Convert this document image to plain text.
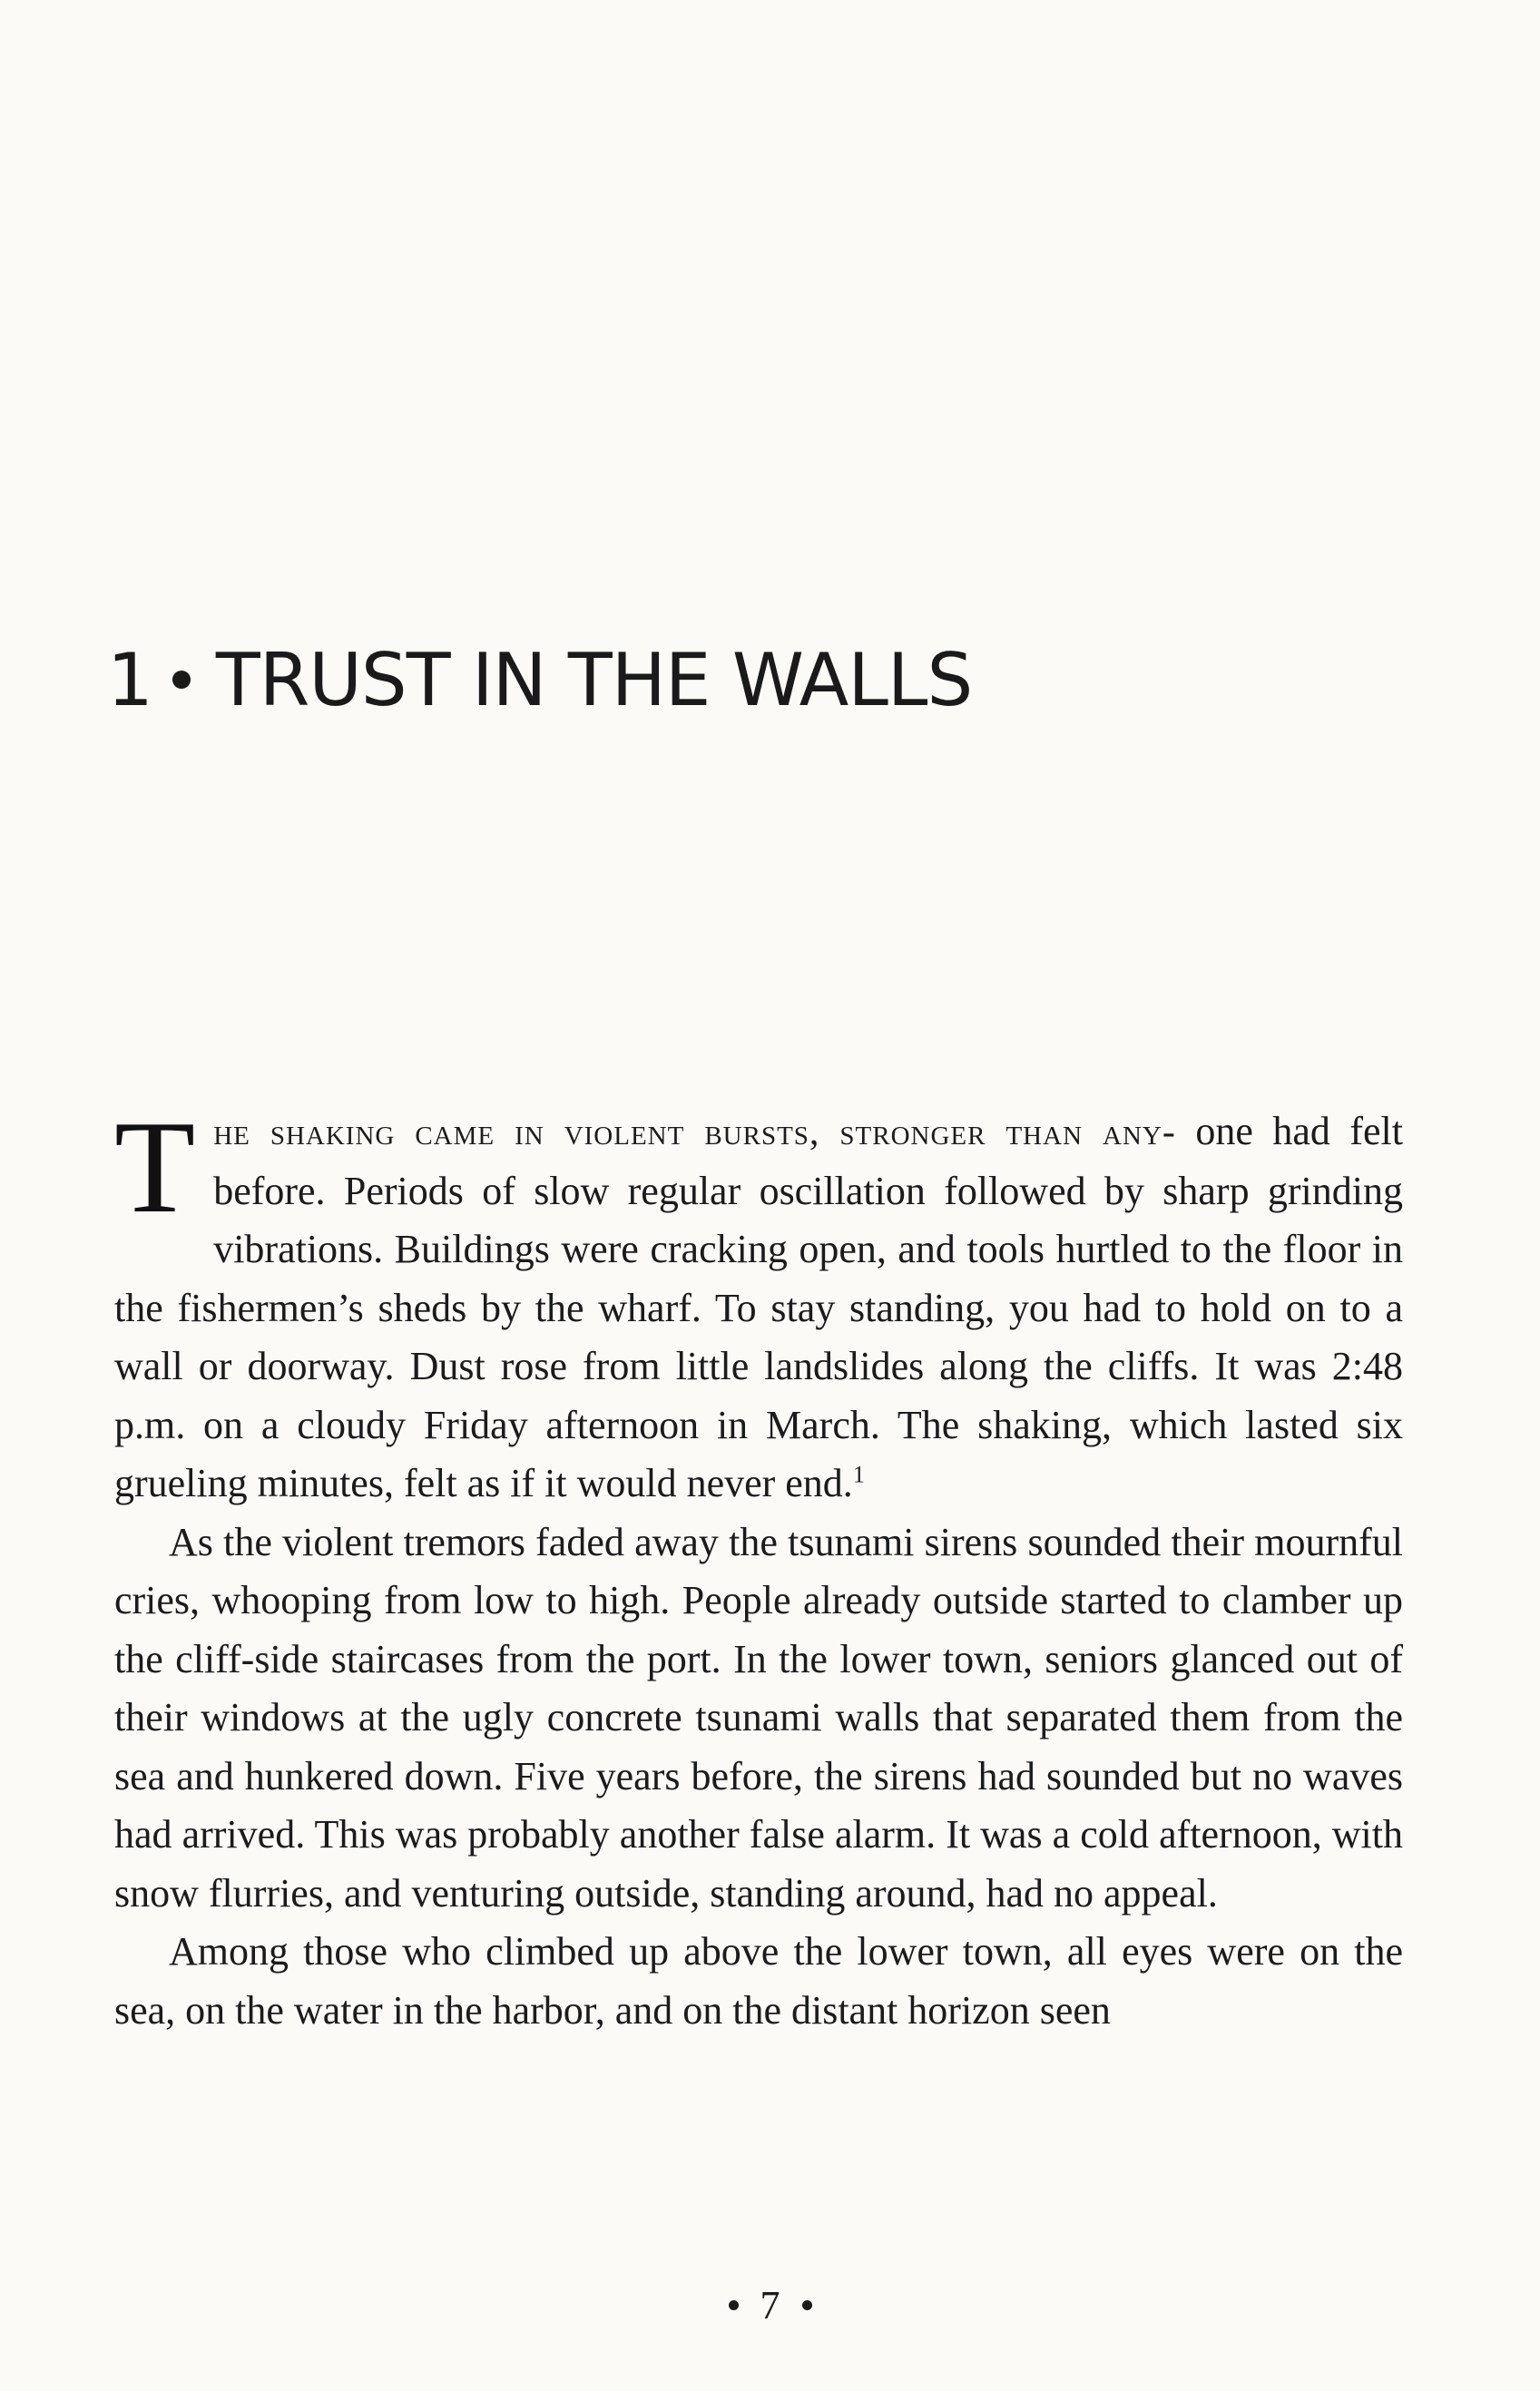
1 TRUST IN THE WALLS

The shaking came in violent bursts, stronger than any- one had felt before. Periods of slow regular oscillation followed by sharp grinding vibrations. Buildings were cracking open, and tools hurtled to the floor in the fishermen’s sheds by the wharf. To stay standing, you had to hold on to a wall or doorway. Dust rose from little landslides along the cliffs. It was 2:48 p.m. on a cloudy Friday afternoon in March. The shaking, which lasted six grueling minutes, felt as if it would never end.$^1$

As the violent tremors faded away the tsunami sirens sounded their mournful cries, whooping from low to high. People already outside started to clamber up the cliff-side staircases from the port. In the lower town, seniors glanced out of their windows at the ugly concrete tsunami walls that separated them from the sea and hunkered down. Five years before, the sirens had sounded but no waves had arrived. This was probably another false alarm. It was a cold afternoon, with snow flurries, and venturing outside, standing around, had no appeal.

Among those who climbed up above the lower town, all eyes were on the sea, on the water in the harbor, and on the distant horizon seen

7
